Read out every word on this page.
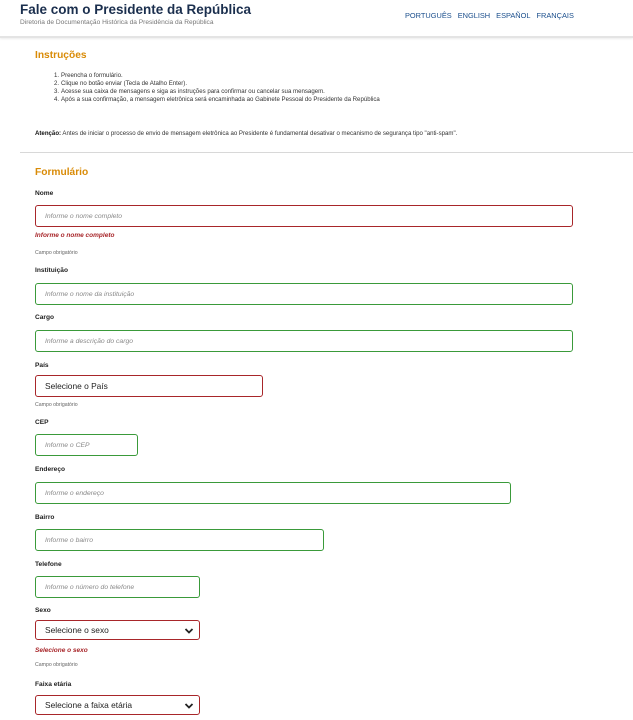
Fale com o Presidente da República
Diretoria de Documentação Histórica da Presidência da República
PORTUGUÊS ENGLISH ESPAÑOL FRANÇAIS
Instruções
1. Preencha o formulário.
2. Clique no botão enviar (Tecla de Atalho Enter).
3. Acesse sua caixa de mensagens e siga as instruções para confirmar ou cancelar sua mensagem.
4. Após a sua confirmação, a mensagem eletrônica será encaminhada ao Gabinete Pessoal do Presidente da República
Atenção: Antes de iniciar o processo de envio de mensagem eletrônica ao Presidente é fundamental desativar o mecanismo de segurança tipo "anti-spam".
Formulário
Nome
Informe o nome completo
Informe o nome completo
Campo obrigatório
Instituição
Informe o nome da instituição
Cargo
Informe a descrição do cargo
País
Selecione o País
Campo obrigatório
CEP
Informe o CEP
Endereço
Informe o endereço
Bairro
Informe o bairro
Telefone
Informe o número do telefone
Sexo
Selecione o sexo
Selecione o sexo
Campo obrigatório
Faixa etária
Selecione a faixa etária
